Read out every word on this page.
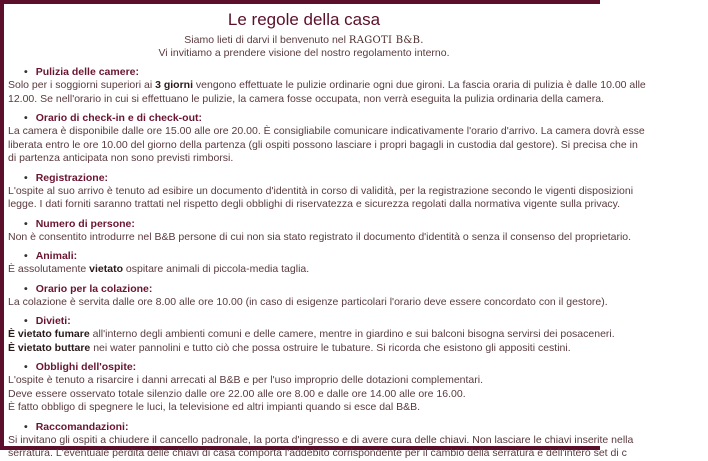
Le regole della casa
Siamo lieti di darvi il benvenuto nel RAGOTI B&B.
Vi invitiamo a prendere visione del nostro regolamento interno.
• Pulizia delle camere:
Solo per i soggiorni superiori ai 3 giorni vengono effettuate le pulizie ordinarie ogni due gironi. La fascia oraria di pulizia è dalle 10.00 alle
12.00. Se nell'orario in cui si effettuano le pulizie, la camera fosse occupata, non verrà eseguita la pulizia ordinaria della camera.
• Orario di check-in e di check-out:
La camera è disponibile dalle ore 15.00 alle ore 20.00. È consigliabile comunicare indicativamente l'orario d'arrivo. La camera dovrà esse
liberata entro le ore 10.00 del giorno della partenza (gli ospiti possono lasciare i propri bagagli in custodia dal gestore). Si precisa che in
di partenza anticipata non sono previsti rimborsi.
• Registrazione:
L'ospite al suo arrivo è tenuto ad esibire un documento d'identità in corso di validità, per la registrazione secondo le vigenti disposizioni
legge. I dati forniti saranno trattati nel rispetto degli obblighi di riservatezza e sicurezza regolati dalla normativa vigente sulla privacy.
• Numero di persone:
Non è consentito introdurre nel B&B persone di cui non sia stato registrato il documento d'identità o senza il consenso del proprietario.
• Animali:
È assolutamente vietato ospitare animali di piccola-media taglia.
• Orario per la colazione:
La colazione è servita dalle ore 8.00 alle ore 10.00 (in caso di esigenze particolari l'orario deve essere concordato con il gestore).
• Divieti:
È vietato fumare all'interno degli ambienti comuni e delle camere, mentre in giardino e sui balconi bisogna servirsi dei posaceneri.
È vietato buttare nei water pannolini e tutto ciò che possa ostruire le tubature. Si ricorda che esistono gli appositi cestini.
• Obblighi dell'ospite:
L'ospite è tenuto a risarcire i danni arrecati al B&B e per l'uso improprio delle dotazioni complementari.
Deve essere osservato totale silenzio dalle ore 22.00 alle ore 8.00 e dalle ore 14.00 alle ore 16.00.
È fatto obbligo di spegnere le luci, la televisione ed altri impianti quando si esce dal B&B.
• Raccomandazioni:
Si invitano gli ospiti a chiudere il cancello padronale, la porta d'ingresso e di avere cura delle chiavi. Non lasciare le chiavi inserite nella
serratura. L'eventuale perdita delle chiavi di casa comporta l'addebito corrispondente per il cambio della serratura e dell'intero set di c
